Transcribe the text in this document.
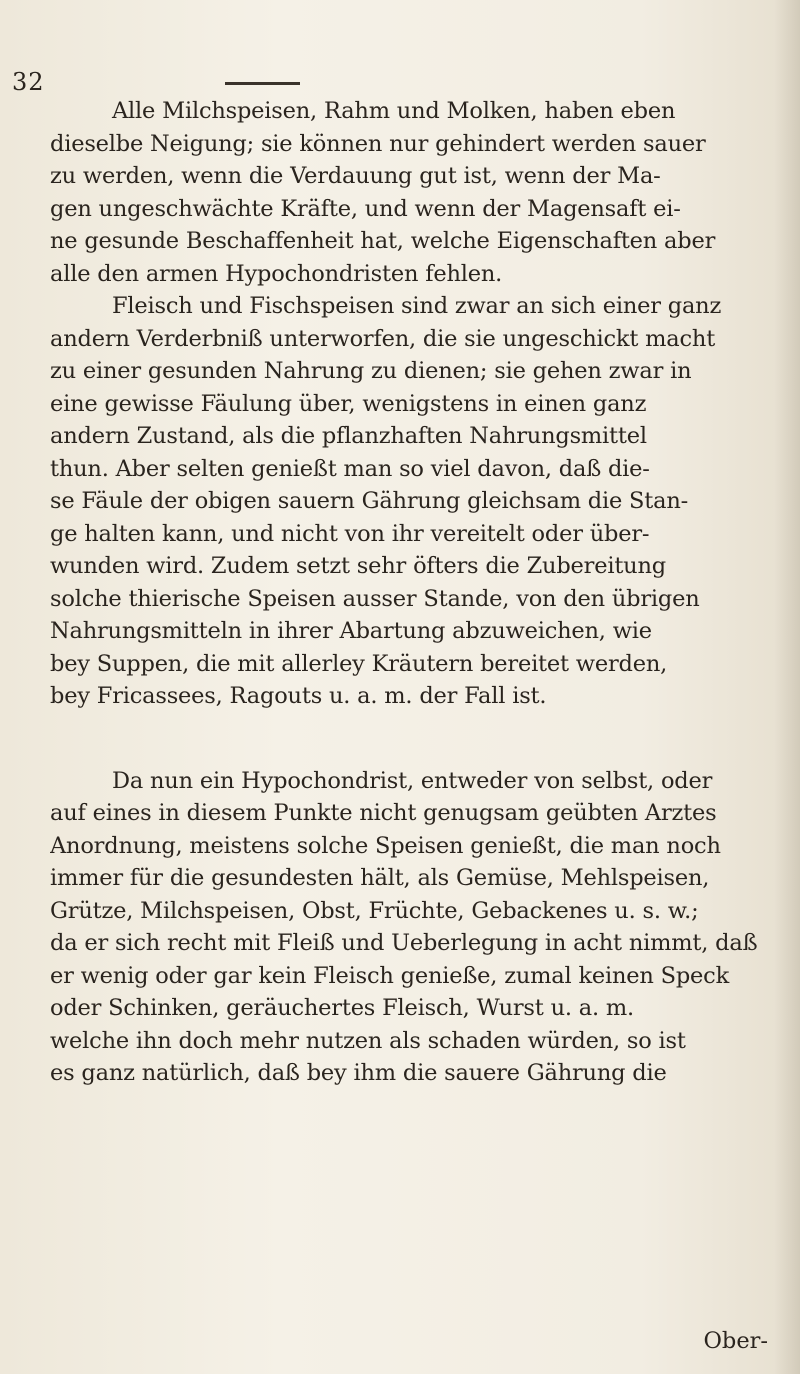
32
Alle Milchspeisen, Rahm und Molken, haben eben
dieselbe Neigung; sie können nur gehindert werden sauer
zu werden, wenn die Verdauung gut ist, wenn der Ma-
gen ungeschwächte Kräfte, und wenn der Magensaft ei-
ne gesunde Beschaffenheit hat, welche Eigenschaften aber
alle den armen Hypochondristen fehlen.
Fleisch und Fischspeisen sind zwar an sich einer ganz
andern Verderbniß unterworfen, die sie ungeschickt macht
zu einer gesunden Nahrung zu dienen; sie gehen zwar in
eine gewisse Fäulung über, wenigstens in einen ganz
andern Zustand, als die pflanzhaften Nahrungsmittel
thun. Aber selten genießt man so viel davon, daß die-
se Fäule der obigen sauern Gährung gleichsam die Stan-
ge halten kann, und nicht von ihr vereitelt oder über-
wunden wird. Zudem setzt sehr öfters die Zubereitung
solche thierische Speisen ausser Stande, von den übrigen
Nahrungsmitteln in ihrer Abartung abzuweichen, wie
bey Suppen, die mit allerley Kräutern bereitet werden,
bey Fricassees, Ragouts u. a. m. der Fall ist.
Da nun ein Hypochondrist, entweder von selbst, oder
auf eines in diesem Punkte nicht genugsam geübten Arztes
Anordnung, meistens solche Speisen genießt, die man noch
immer für die gesundesten hält, als Gemüse, Mehlspeisen,
Grütze, Milchspeisen, Obst, Früchte, Gebackenes u. s. w.;
da er sich recht mit Fleiß und Ueberlegung in acht nimmt, daß
er wenig oder gar kein Fleisch genieße, zumal keinen Speck
oder Schinken, geräuchertes Fleisch, Wurst u. a. m.
welche ihn doch mehr nutzen als schaden würden, so ist
es ganz natürlich, daß bey ihm die sauere Gährung die
Ober-
